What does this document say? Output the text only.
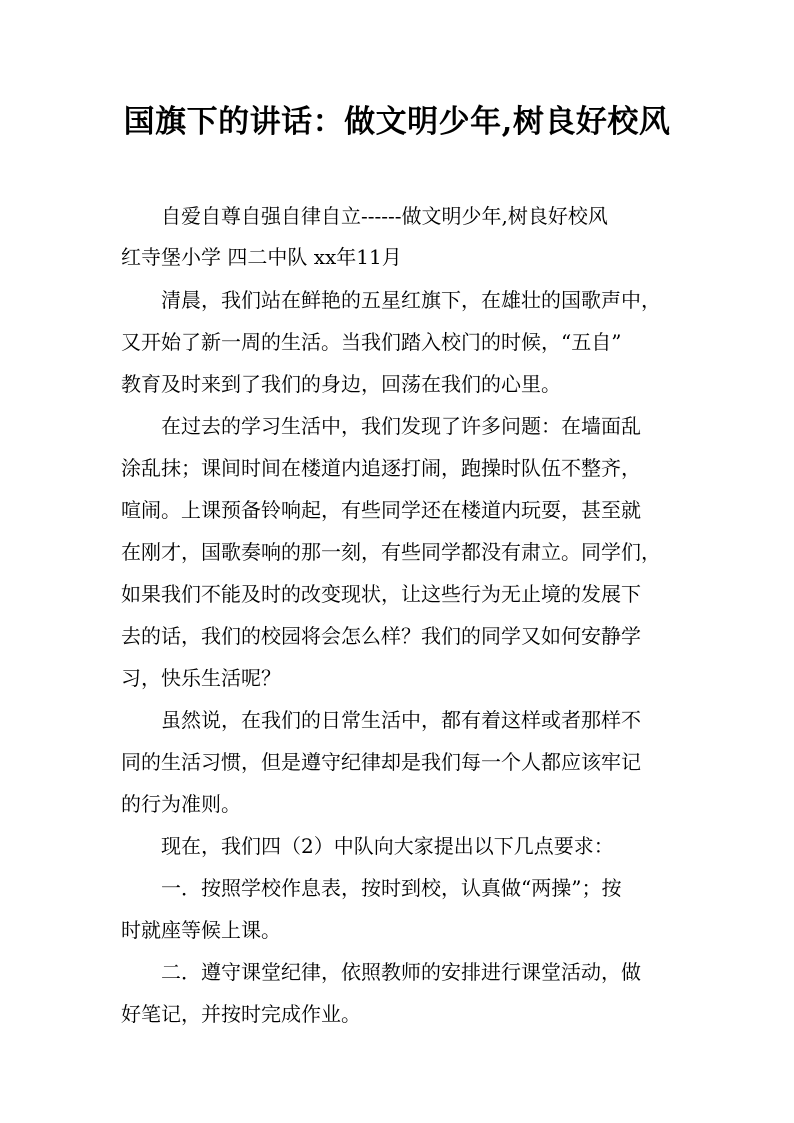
国旗下的讲话：做文明少年,树良好校风
自爱自尊自强自律自立------做文明少年,树良好校风
红寺堡小学 四二中队 xx年11月
清晨，我们站在鲜艳的五星红旗下，在雄壮的国歌声中，
又开始了新一周的生活。当我们踏入校门的时候，“五自”
教育及时来到了我们的身边，回荡在我们的心里。
在过去的学习生活中，我们发现了许多问题：在墙面乱
涂乱抹；课间时间在楼道内追逐打闹，跑操时队伍不整齐，
喧闹。上课预备铃响起，有些同学还在楼道内玩耍，甚至就
在刚才，国歌奏响的那一刻，有些同学都没有肃立。同学们，
如果我们不能及时的改变现状，让这些行为无止境的发展下
去的话，我们的校园将会怎么样？我们的同学又如何安静学
习，快乐生活呢？
虽然说，在我们的日常生活中，都有着这样或者那样不
同的生活习惯，但是遵守纪律却是我们每一个人都应该牢记
的行为准则。
现在，我们四（2）中队向大家提出以下几点要求：
一．按照学校作息表，按时到校，认真做“两操”；按
时就座等候上课。
二．遵守课堂纪律，依照教师的安排进行课堂活动，做
好笔记，并按时完成作业。
